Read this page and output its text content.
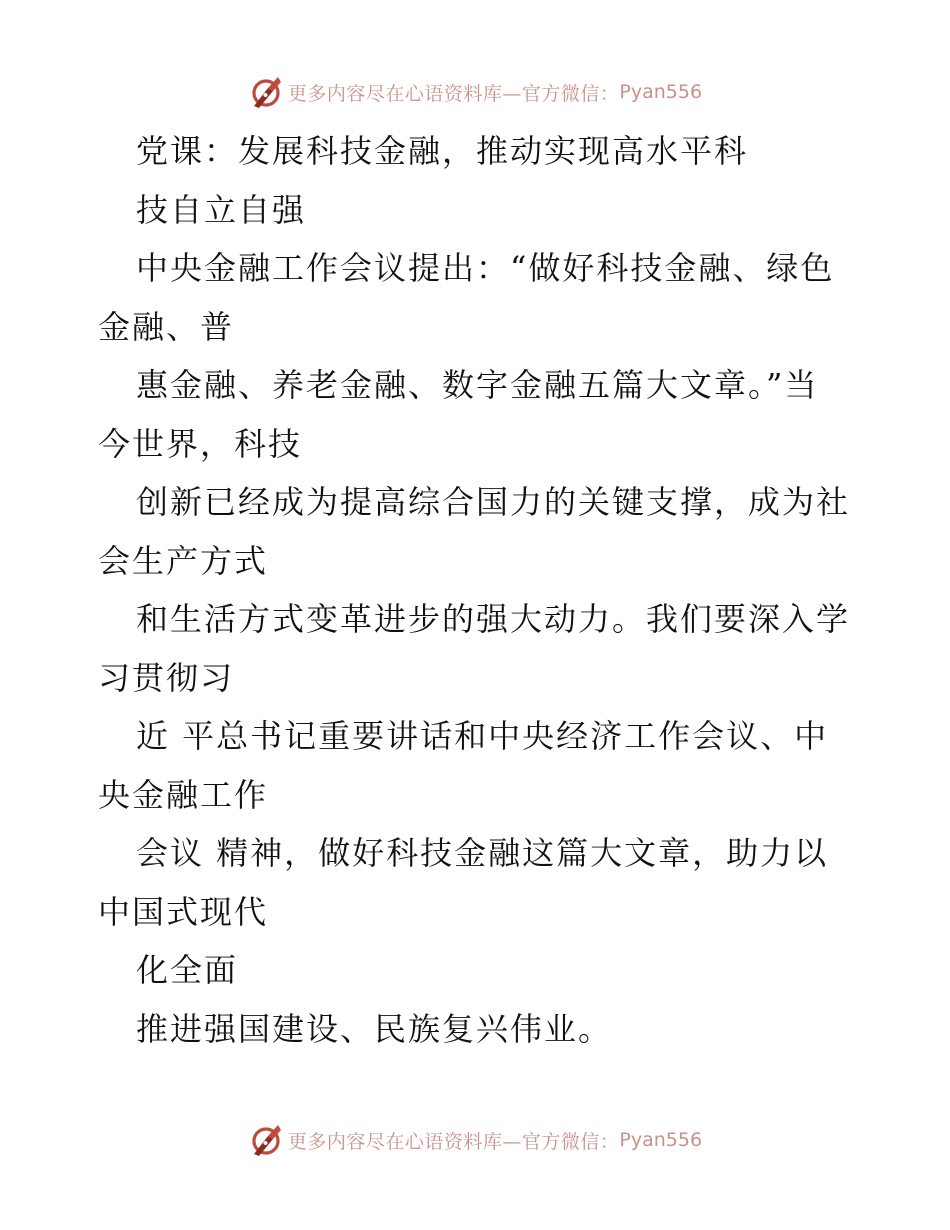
更多内容尽在心语资料库—官方微信： Pyan556
党课：发展科技金融，推动实现高水平科
技自立自强
中央金融工作会议提出：“做好科技金融、绿色
金融、普
惠金融、养老金融、数字金融五篇大文章。”当
今世界，科技
创新已经成为提高综合国力的关键支撑，成为社
会生产方式
和生活方式变革进步的强大动力。我们要深入学
习贯彻习
近 平总书记重要讲话和中央经济工作会议、中
央金融工作
会议 精神，做好科技金融这篇大文章，助力以
中国式现代
化全面
推进强国建设、民族复兴伟业。
更多内容尽在心语资料库—官方微信： Pyan556
